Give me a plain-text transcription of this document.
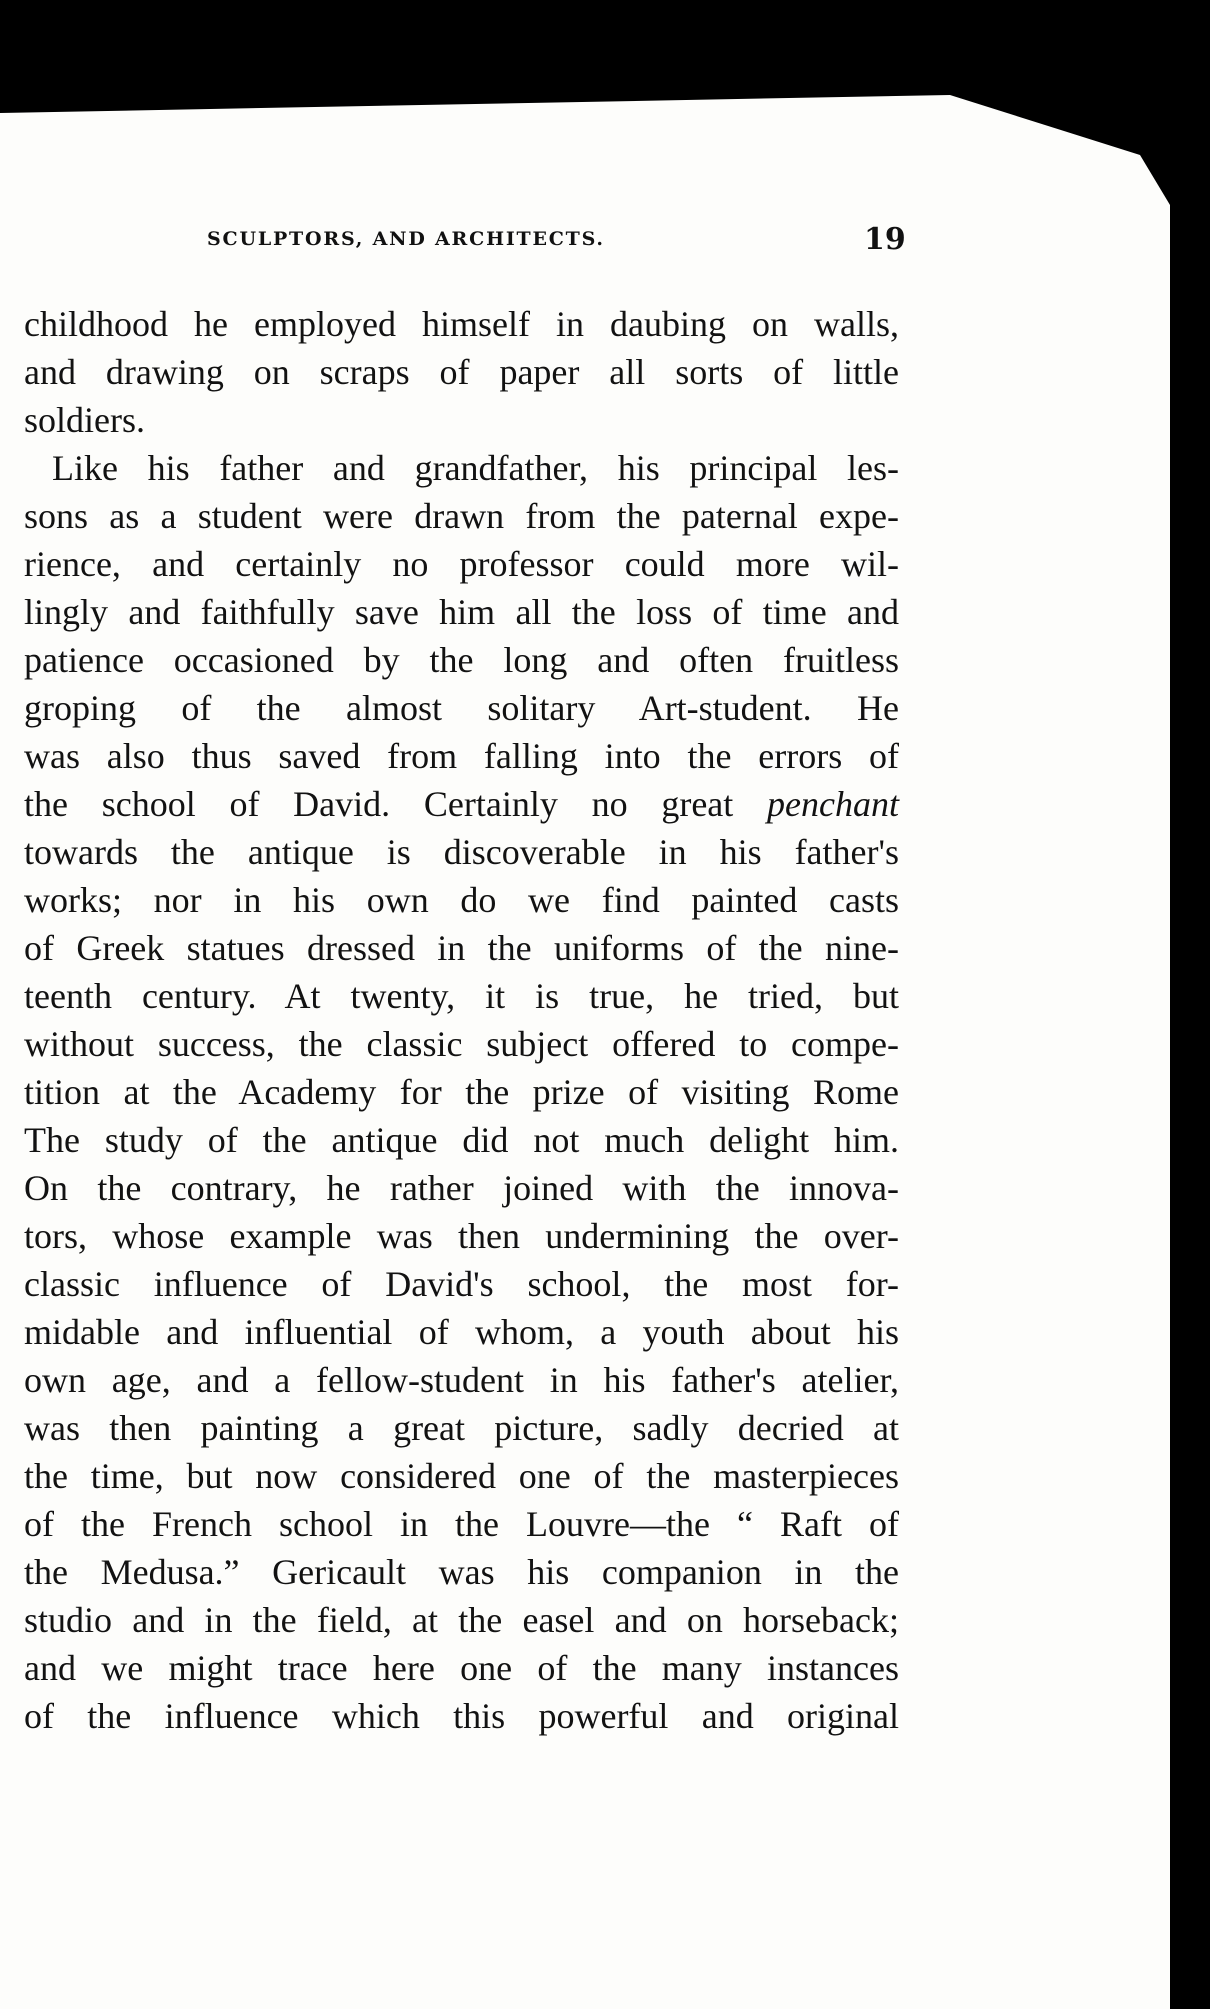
SCULPTORS, AND ARCHITECTS.	19
childhood he employed himself in daubing on walls,
and drawing on scraps of paper all sorts of little
soldiers.
Like his father and grandfather, his principal les-
sons as a student were drawn from the paternal expe-
rience, and certainly no professor could more wil-
lingly and faithfully save him all the loss of time and
patience occasioned by the long and often fruitless
groping of the almost solitary Art-student. He
was also thus saved from falling into the errors of
the school of David. Certainly no great penchant
towards the antique is discoverable in his father's
works; nor in his own do we find painted casts
of Greek statues dressed in the uniforms of the nine-
teenth century. At twenty, it is true, he tried, but
without success, the classic subject offered to compe-
tition at the Academy for the prize of visiting Rome
The study of the antique did not much delight him.
On the contrary, he rather joined with the innova-
tors, whose example was then undermining the over-
classic influence of David's school, the most for-
midable and influential of whom, a youth about his
own age, and a fellow-student in his father's atelier,
was then painting a great picture, sadly decried at
the time, but now considered one of the masterpieces
of the French school in the Louvre—the “ Raft of
the Medusa.” Gericault was his companion in the
studio and in the field, at the easel and on horseback;
and we might trace here one of the many instances
of the influence which this powerful and original
